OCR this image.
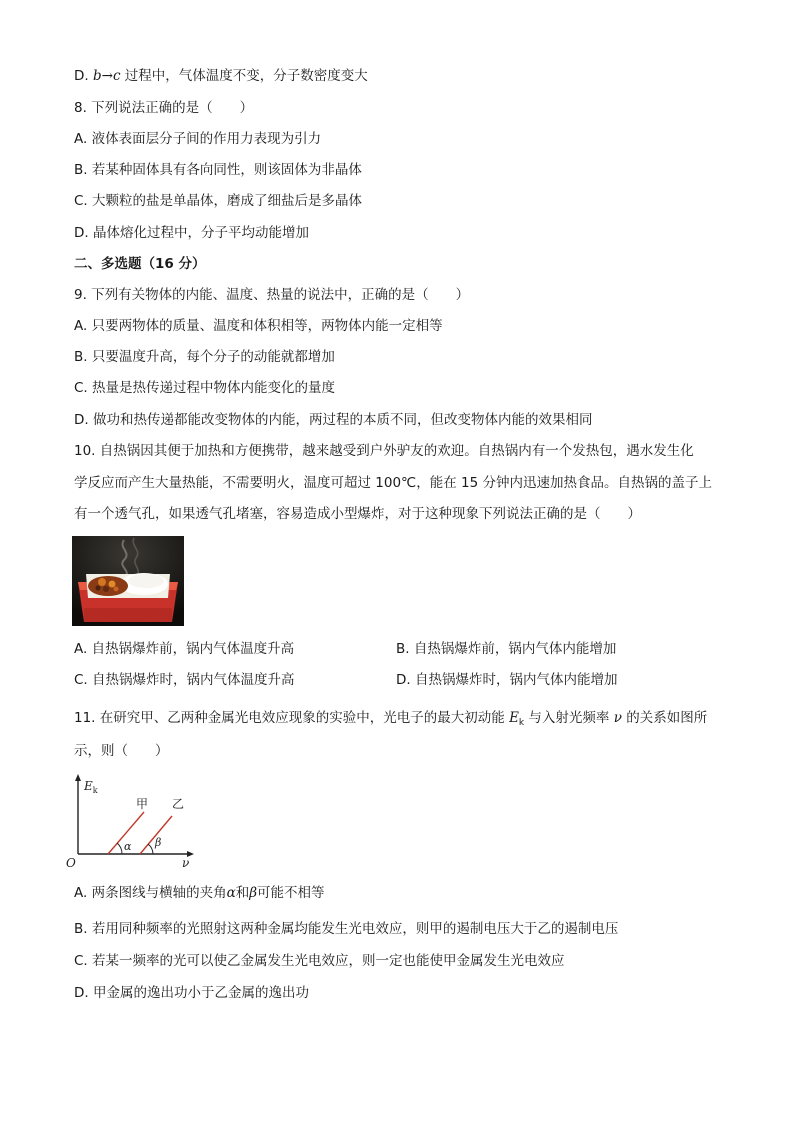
D. b→c 过程中，气体温度不变，分子数密度变大
8. 下列说法正确的是（　　）
A. 液体表面层分子间的作用力表现为引力
B. 若某种固体具有各向同性，则该固体为非晶体
C. 大颗粒的盐是单晶体，磨成了细盐后是多晶体
D. 晶体熔化过程中，分子平均动能增加
二、多选题（16 分）
9. 下列有关物体的内能、温度、热量的说法中，正确的是（　　）
A. 只要两物体的质量、温度和体积相等，两物体内能一定相等
B. 只要温度升高，每个分子的动能就都增加
C. 热量是热传递过程中物体内能变化的量度
D. 做功和热传递都能改变物体的内能，两过程的本质不同，但改变物体内能的效果相同
10. 自热锅因其便于加热和方便携带，越来越受到户外驴友的欢迎。自热锅内有一个发热包，遇水发生化
学反应而产生大量热能，不需要明火，温度可超过 100℃，能在 15 分钟内迅速加热食品。自热锅的盖子上
有一个透气孔，如果透气孔堵塞，容易造成小型爆炸，对于这种现象下列说法正确的是（　　）
A. 自热锅爆炸前，锅内气体温度升高	B. 自热锅爆炸前，锅内气体内能增加
C. 自热锅爆炸时，锅内气体温度升高	D. 自热锅爆炸时，锅内气体内能增加
11. 在研究甲、乙两种金属光电效应现象的实验中，光电子的最大初动能 $E_k$ 与入射光频率 ν 的关系如图所
示，则（　　）
$E_k$
ν
O
甲 乙
α β
A. 两条图线与横轴的夹角α和β可能不相等
B. 若用同种频率的光照射这两种金属均能发生光电效应，则甲的遏制电压大于乙的遏制电压
C. 若某一频率的光可以使乙金属发生光电效应，则一定也能使甲金属发生光电效应
D. 甲金属的逸出功小于乙金属的逸出功
